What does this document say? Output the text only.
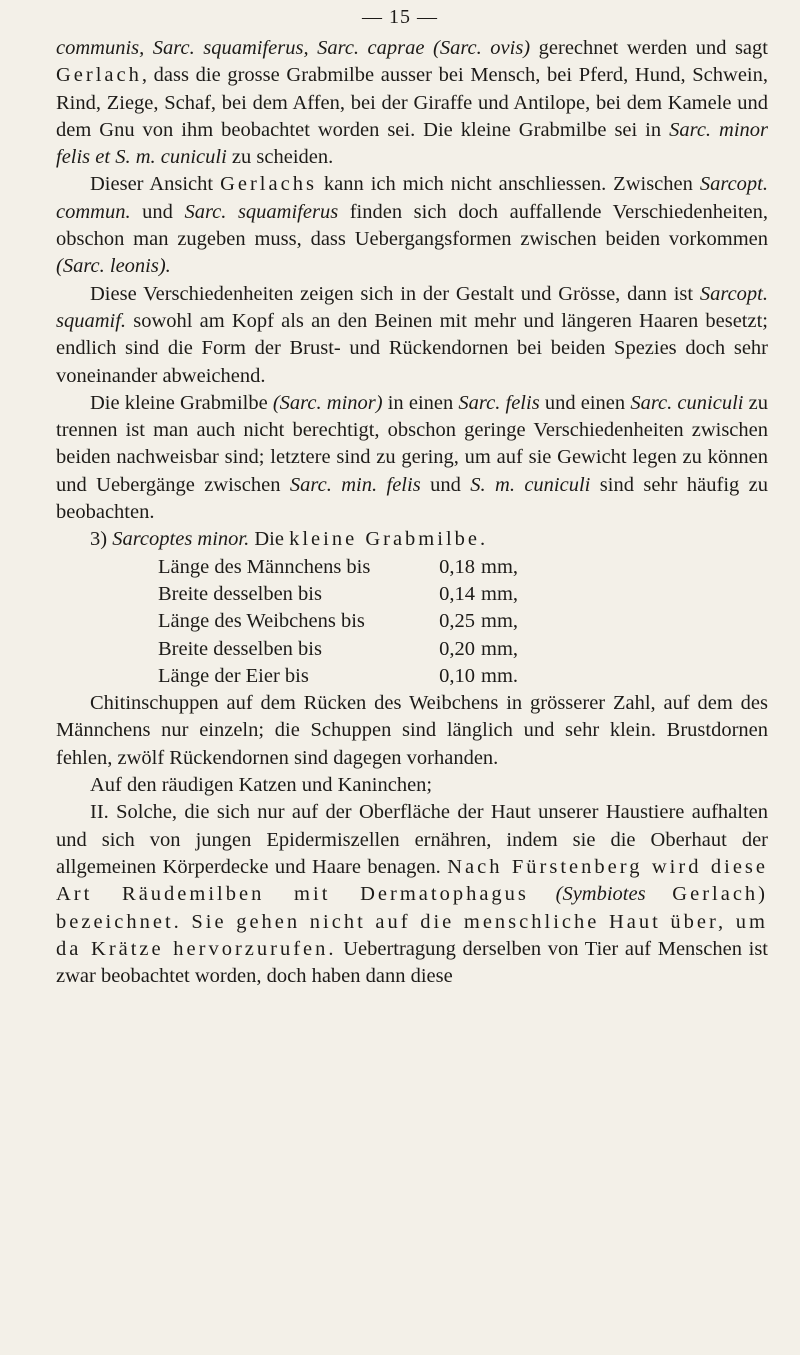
— 15 —

communis, Sarc. squamiferus, Sarc. caprae (Sarc. ovis) gerechnet werden und sagt Gerlach, dass die grosse Grabmilbe ausser bei Mensch, bei Pferd, Hund, Schwein, Rind, Ziege, Schaf, bei dem Affen, bei der Giraffe und Antilope, bei dem Kamele und dem Gnu von ihm beobachtet worden sei. Die kleine Grabmilbe sei in Sarc. minor felis et S. m. cuniculi zu scheiden.

Dieser Ansicht Gerlachs kann ich mich nicht anschliessen. Zwischen Sarcopt. commun. und Sarc. squamiferus finden sich doch auffallende Verschiedenheiten, obschon man zugeben muss, dass Uebergangsformen zwischen beiden vorkommen (Sarc. leonis).

Diese Verschiedenheiten zeigen sich in der Gestalt und Grösse, dann ist Sarcopt. squamif. sowohl am Kopf als an den Beinen mit mehr und längeren Haaren besetzt; endlich sind die Form der Brust- und Rückendornen bei beiden Spezies doch sehr voneinander abweichend.

Die kleine Grabmilbe (Sarc. minor) in einen Sarc. felis und einen Sarc. cuniculi zu trennen ist man auch nicht berechtigt, obschon geringe Verschiedenheiten zwischen beiden nachweisbar sind; letztere sind zu gering, um auf sie Gewicht legen zu können und Uebergänge zwischen Sarc. min. felis und S. m. cuniculi sind sehr häufig zu beobachten.

3) Sarcoptes minor. Die kleine Grabmilbe.

Länge des Männchens bis	0,18	mm,
Breite desselben bis	0,14	mm,
Länge des Weibchens bis	0,25	mm,
Breite desselben bis	0,20	mm,
Länge der Eier bis	0,10	mm.

Chitinschuppen auf dem Rücken des Weibchens in grösserer Zahl, auf dem des Männchens nur einzeln; die Schuppen sind länglich und sehr klein. Brustdornen fehlen, zwölf Rückendornen sind dagegen vorhanden.

Auf den räudigen Katzen und Kaninchen;

II. Solche, die sich nur auf der Oberfläche der Haut unserer Haustiere aufhalten und sich von jungen Epidermiszellen ernähren, indem sie die Oberhaut der allgemeinen Körperdecke und Haare benagen. Nach Fürstenberg wird diese Art Räudemilben mit Dermatophagus (Symbiotes Gerlach) bezeichnet. Sie gehen nicht auf die menschliche Haut über, um da Krätze hervorzurufen. Uebertragung derselben von Tier auf Menschen ist zwar beobachtet worden, doch haben dann diese
